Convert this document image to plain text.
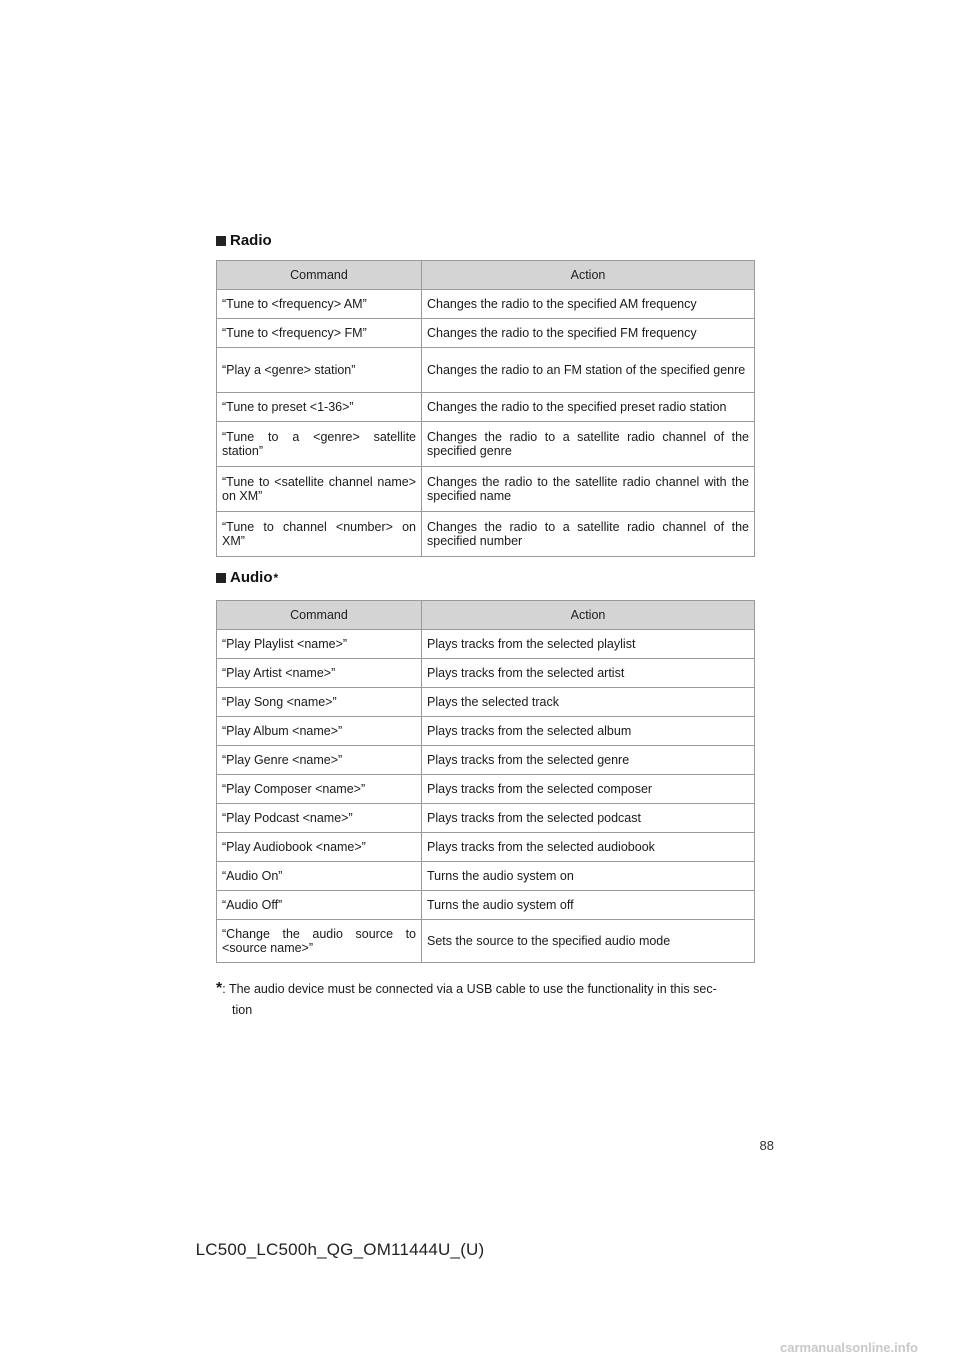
Radio
Command	Action
“Tune to <frequency> AM”	Changes the radio to the specified AM frequency
“Tune to <frequency> FM”	Changes the radio to the specified FM frequency
“Play a <genre> station”	Changes the radio to an FM station of the specified genre
“Tune to preset <1-36>”	Changes the radio to the specified preset radio station
“Tune to a <genre> satellite station”	Changes the radio to a satellite radio channel of the specified genre
“Tune to <satellite channel name> on XM”	Changes the radio to the satellite radio channel with the specified name
“Tune to channel <number> on XM”	Changes the radio to a satellite radio channel of the specified number
Audio *
Command	Action
“Play Playlist <name>”	Plays tracks from the selected playlist
“Play Artist <name>”	Plays tracks from the selected artist
“Play Song <name>”	Plays the selected track
“Play Album <name>”	Plays tracks from the selected album
“Play Genre <name>”	Plays tracks from the selected genre
“Play Composer <name>”	Plays tracks from the selected composer
“Play Podcast <name>”	Plays tracks from the selected podcast
“Play Audiobook <name>”	Plays tracks from the selected audiobook
“Audio On”	Turns the audio system on
“Audio Off”	Turns the audio system off
“Change the audio source to <source name>”	Sets the source to the specified audio mode
*: The audio device must be connected via a USB cable to use the functionality in this sec-
tion
88
LC500_LC500h_QG_OM11444U_(U)
carmanualsonline.info
